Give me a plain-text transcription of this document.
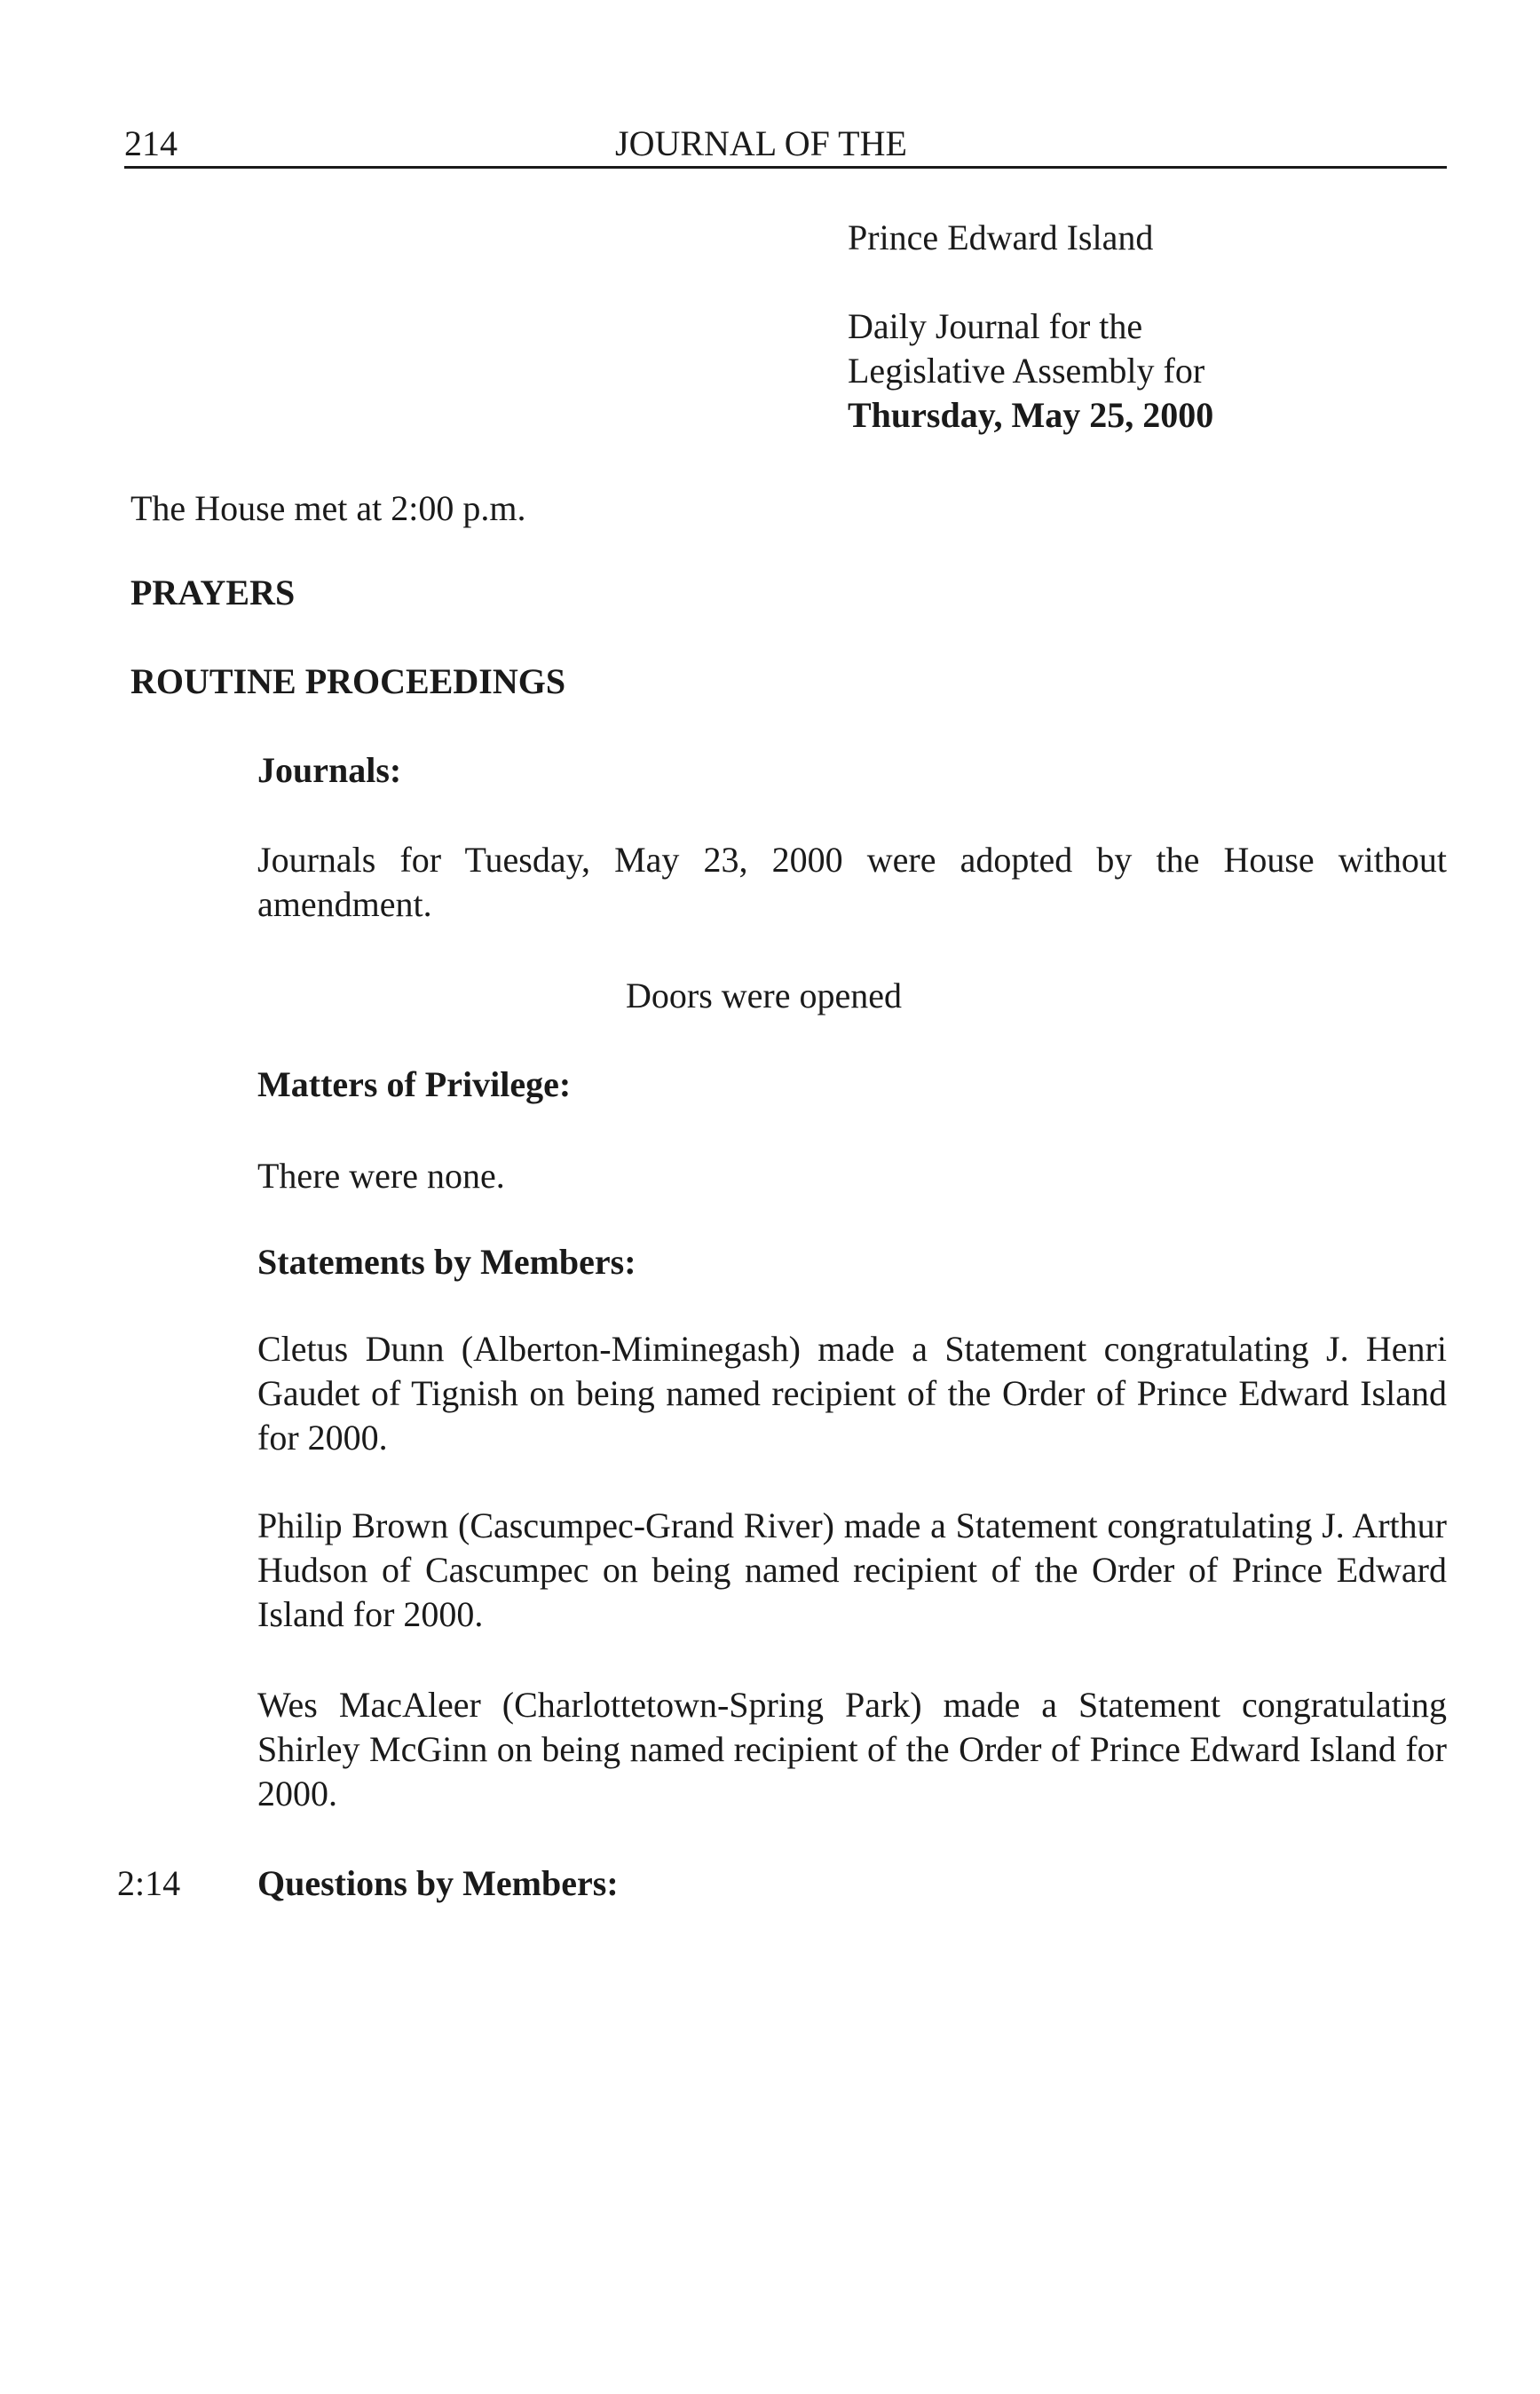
214	JOURNAL OF THE
Prince Edward Island
Daily Journal for the
Legislative Assembly for
Thursday, May 25, 2000
The House met at 2:00 p.m.
PRAYERS
ROUTINE PROCEEDINGS
Journals:
Journals for Tuesday, May 23, 2000 were adopted by the House without amendment.
Doors were opened
Matters of Privilege:
There were none.
Statements by Members:
Cletus Dunn (Alberton-Miminegash) made a Statement congratulating J. Henri Gaudet of Tignish on being named recipient of the Order of Prince Edward Island for 2000.
Philip Brown (Cascumpec-Grand River) made a Statement congratulating J. Arthur Hudson of Cascumpec on being named recipient of the Order of Prince Edward Island for 2000.
Wes MacAleer (Charlottetown-Spring Park) made a Statement congratulating Shirley McGinn on being named recipient of the Order of Prince Edward Island for 2000.
2:14 Questions by Members:
